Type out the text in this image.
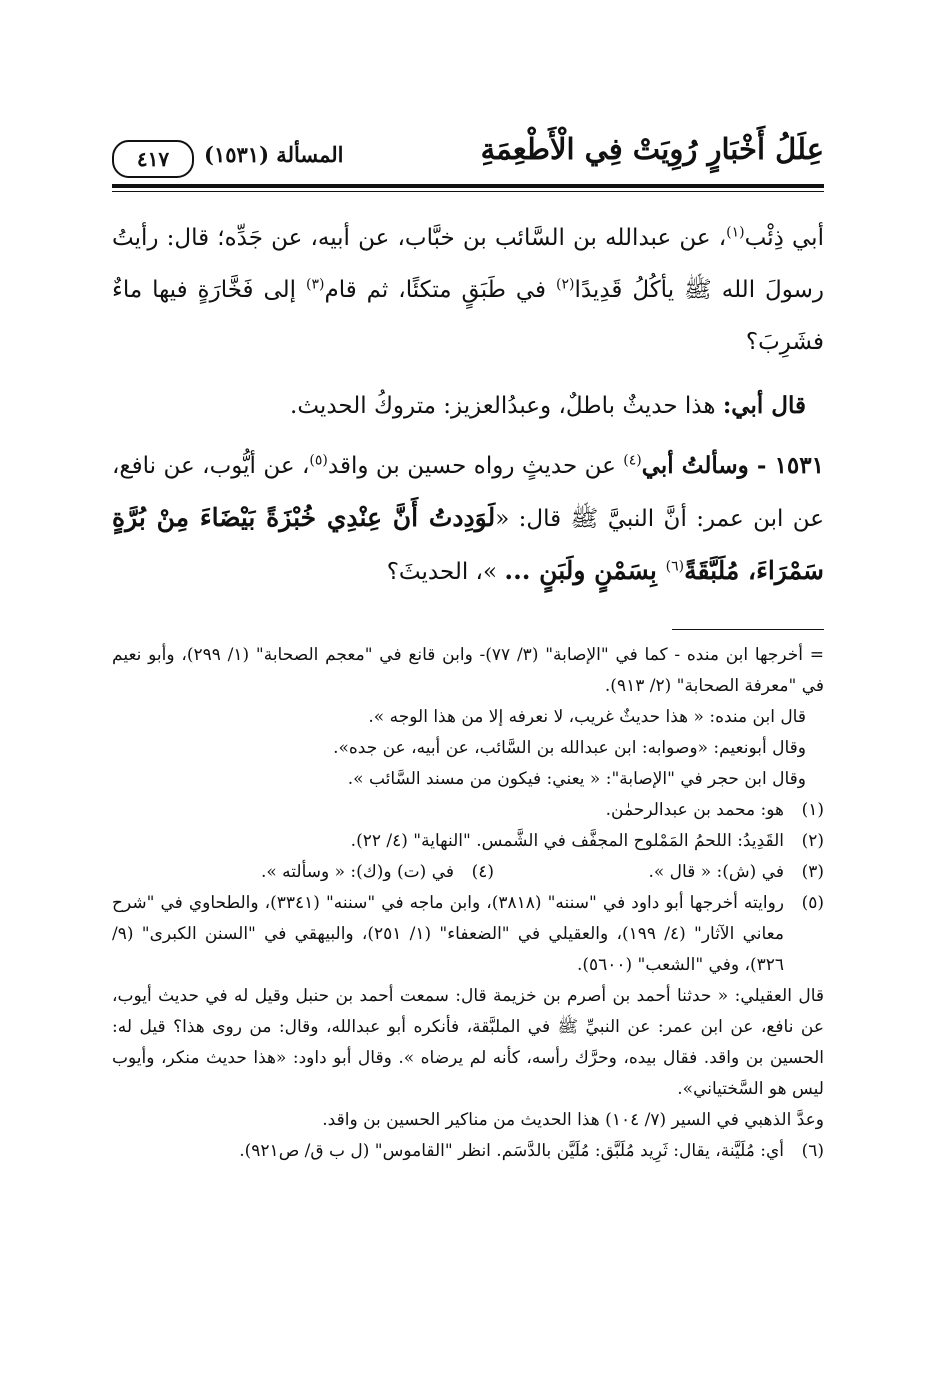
عِلَلُ أَخْبَارٍ رُوِيَتْ فِي الْأَطْعِمَةِ
المسألة (١٥٣١)
٤١٧

أبي ذِئْب$^{(١)}$، عن عبدالله بن السَّائب بن خبَّاب، عن أبيه، عن جَدِّه؛ قال: رأيتُ رسولَ الله ﷺ يأكُلُ قَدِيدًا$^{(٢)}$ في طَبَقٍ متكئًا، ثم قام$^{(٣)}$ إلى فَخَّارَةٍ فيها ماءٌ فشَرِبَ؟

قال أبي: هذا حديثٌ باطلٌ، وعبدُالعزيز: متروكُ الحديث.

١٥٣١ - وسألتُ أبي$^{(٤)}$ عن حديثٍ رواه حسين بن واقد$^{(٥)}$، عن أيُّوب، عن نافع، عن ابن عمر: أنَّ النبيَّ ﷺ قال: «لَوَدِدتُ أَنَّ عِنْدِي خُبْزَةً بَيْضَاءَ مِنْ بُرَّةٍ سَمْرَاءَ، مُلَبَّقَةً$^{(٦)}$ بِسَمْنٍ ولَبَنٍ ... »، الحديثَ؟

= أخرجها ابن منده - كما في "الإصابة" (٣/ ٧٧)- وابن قانع في "معجم الصحابة" (١/ ٢٩٩)، وأبو نعيم في "معرفة الصحابة" (٢/ ٩١٣).

قال ابن منده: « هذا حديثٌ غريب، لا نعرفه إلا من هذا الوجه ».

وقال أبونعيم: «وصوابه: ابن عبدالله بن السَّائب، عن أبيه، عن جده».

وقال ابن حجر في "الإصابة": « يعني: فيكون من مسند السَّائب ».

(١)
هو: محمد بن عبدالرحمٰن.
(٢)
القَدِيدُ: اللحمُ المَمْلوح المجفَّف في الشَّمس. "النهاية" (٤/ ٢٢).
(٣)
في (ش): « قال ».
(٤)
في (ت) و(ك): « وسألته ».
(٥)
روايته أخرجها أبو داود في "سننه" (٣٨١٨)، وابن ماجه في "سننه" (٣٣٤١)، والطحاوي في "شرح معاني الآثار" (٤/ ١٩٩)، والعقيلي في "الضعفاء" (١/ ٢٥١)، والبيهقي في "السنن الكبرى" (٩/ ٣٢٦)، وفي "الشعب" (٥٦٠٠).

قال العقيلي: « حدثنا أحمد بن أصرم بن خزيمة قال: سمعت أحمد بن حنبل وقيل له في حديث أيوب، عن نافع، عن ابن عمر: عن النبيِّ ﷺ في الملبَّقة، فأنكره أبو عبدالله، وقال: من روى هذا؟ قيل له: الحسين بن واقد. فقال بيده، وحرَّك رأسه، كأنه لم يرضاه ». وقال أبو داود: «هذا حديث منكر، وأيوب ليس هو السَّختياني».

وعدَّ الذهبي في السير (٧/ ١٠٤) هذا الحديث من مناكير الحسين بن واقد.

(٦)
أي: مُلَيَّنة، يقال: ثَرِيد مُلَبَّق: مُلَيَّن بالدَّسَم. انظر "القاموس" (ل ب ق/ ص٩٢١).
